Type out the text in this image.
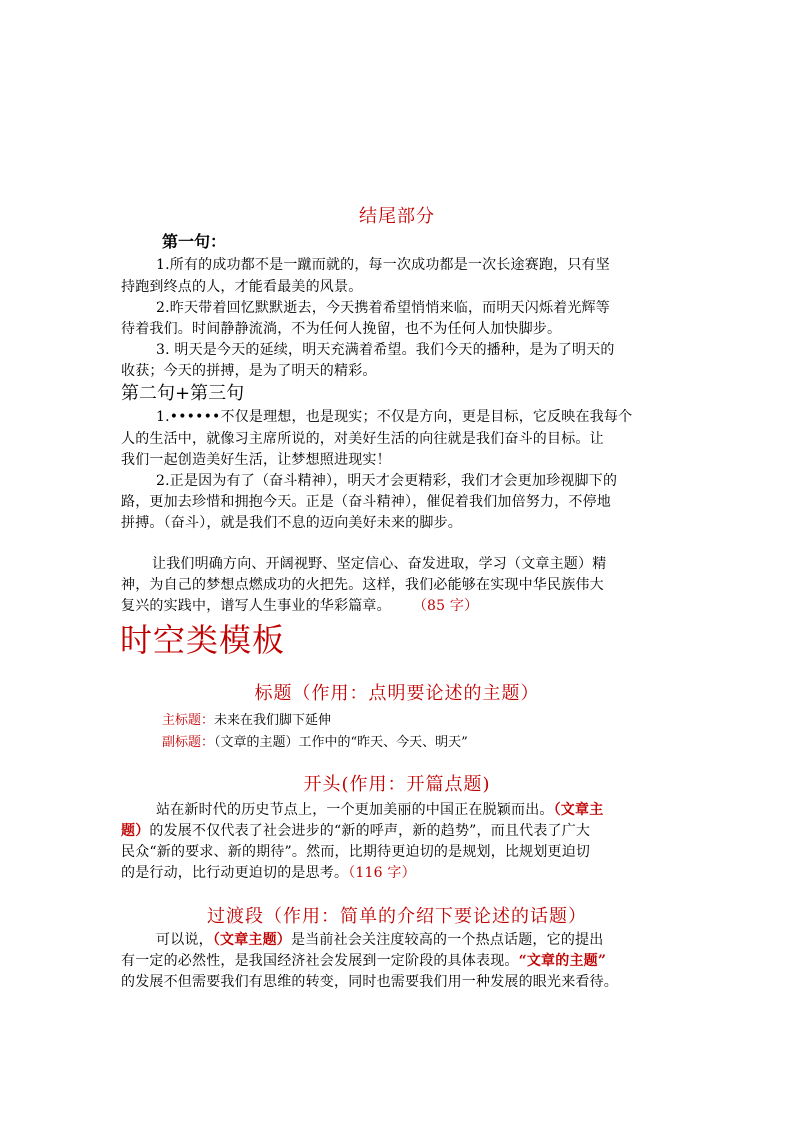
结尾部分
第一句：
1.所有的成功都不是一蹴而就的，每一次成功都是一次长途赛跑，只有坚
持跑到终点的人，才能看最美的风景。
2.昨天带着回忆默默逝去，今天携着希望悄悄来临，而明天闪烁着光辉等
待着我们。时间静静流淌，不为任何人挽留，也不为任何人加快脚步。
3. 明天是今天的延续，明天充满着希望。我们今天的播种，是为了明天的
收获；今天的拼搏，是为了明天的精彩。
第二句+第三句
1.••••••不仅是理想，也是现实；不仅是方向，更是目标，它反映在我每个
人的生活中，就像习主席所说的，对美好生活的向往就是我们奋斗的目标。让
我们一起创造美好生活，让梦想照进现实！
2.正是因为有了（奋斗精神），明天才会更精彩，我们才会更加珍视脚下的
路，更加去珍惜和拥抱今天。正是（奋斗精神），催促着我们加倍努力，不停地
拼搏。（奋斗），就是我们不息的迈向美好未来的脚步。
让我们明确方向、开阔视野、坚定信心、奋发进取，学习（文章主题）精
神，为自己的梦想点燃成功的火把先。这样，我们必能够在实现中华民族伟大
复兴的实践中，谱写人生事业的华彩篇章。 （85 字）
时空类模板
标题（作用：点明要论述的主题）
主标题：未来在我们脚下延伸
副标题：（文章的主题）工作中的“昨天、今天、明天”
开头(作用：开篇点题)
站在新时代的历史节点上，一个更加美丽的中国正在脱颖而出。（文章主
题）的发展不仅代表了社会进步的“新的呼声，新的趋势”，而且代表了广大
民众“新的要求、新的期待”。然而，比期待更迫切的是规划，比规划更迫切
的是行动，比行动更迫切的是思考。（116 字）
过渡段（作用：简单的介绍下要论述的话题）
可以说，（文章主题）是当前社会关注度较高的一个热点话题，它的提出
有一定的必然性，是我国经济社会发展到一定阶段的具体表现。“文章的主题”
的发展不但需要我们有思维的转变，同时也需要我们用一种发展的眼光来看待。
